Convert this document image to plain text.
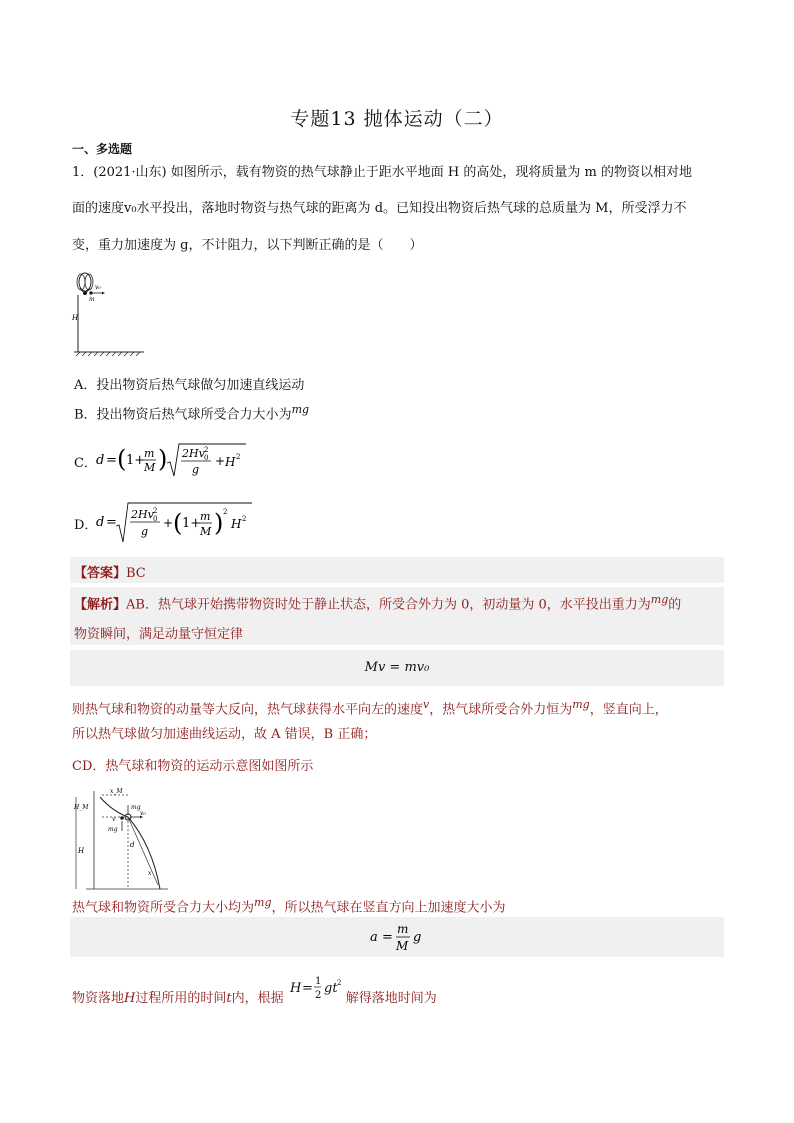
专题13 抛体运动（二）
一、多选题
1．(2021·山东) 如图所示，载有物资的热气球静止于距水平地面 H 的高处，现将质量为 m 的物资以相对地
面的速度v₀水平投出，落地时物资与热气球的距离为 d。已知投出物资后热气球的总质量为 M，所受浮力不
变，重力加速度为 g，不计阻力，以下判断正确的是（　　）
v₀
m
H
A．投出物资后热气球做匀加速直线运动
B．投出物资后热气球所受合力大小为$^{mg}$
C． d = ( 1+
m
M ) 2Hv 2
0
g
+ H 2
D．
d =
2Hv 2
0
g
+ ( 1+
m
M ) 2
H 2
【答案】BC
【解析】AB．热气球开始携带物资时处于静止状态，所受合外力为 0，初动量为 0，水平投出重力为$^{mg}$的
物资瞬间，满足动量守恒定律
Mv = mv₀
则热气球和物资的动量等大反向，热气球获得水平向左的速度$^v$，热气球所受合外力恒为$^{mg}$，竖直向上，
所以热气球做匀加速曲线运动，故 A 错误，B 正确；
CD．热气球和物资的运动示意图如图所示
x_M
H_M
H
v₀
v
mg
mg
d
x
热气球和物资所受合力大小均为$^{mg}$，所以热气球在竖直方向上加速度大小为
a =
m
M
g
物资落地H过程所用的时间t内，根据
H = 1
2 gt 2
解得落地时间为
